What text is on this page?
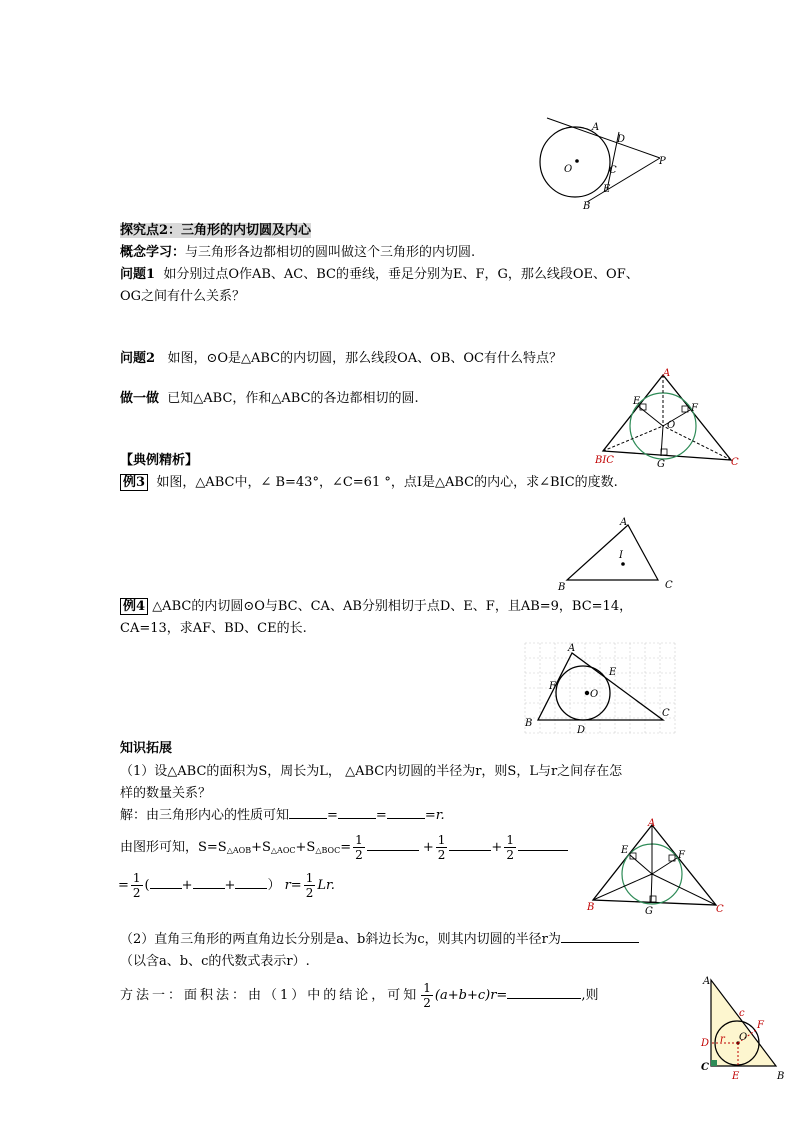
A
B
C
D
E
O
P
探究点2：三角形的内切圆及内心
概念学习：与三角形各边都相切的圆叫做这个三角形的内切圆.
问题1 如分别过点O作AB、AC、BC的垂线，垂足分别为E、F，G，那么线段OE、OF、
OG之间有什么关系？
问题2 如图，⊙O是△ABC的内切圆，那么线段OA、OB、OC有什么特点？
做一做 已知△ABC，作和△ABC的各边都相切的圆.
A
BIC	C
E
F
G
O
【典例精析】
例3 如图，△ABC中，∠ B=43°，∠C=61 °，点I是△ABC的内心，求∠BIC的度数.
A
B	C
I
例4 △ABC的内切圆⊙O与BC、CA、AB分别相切于点D、E、F，且AB=9，BC=14，
CA=13，求AF、BD、CE的长.
A
B
C
D
E
F
O
知识拓展
（1）设△ABC的面积为S，周长为L， △ABC内切圆的半径为r，则S，L与r之间存在怎
样的数量关系？
解：由三角形内心的性质可知	=	=	=r.
由图形可知，$S=S_{\triangle AOB}+S_{\triangle AOC}+S_{\triangle BOC}= \frac{1}{2}$	+ $\frac{1}{2}$	+ $\frac{1}{2}$
= $\frac{1}{2}$ ( + + ） $r= \frac{1}{2} Lr$.
A
B	C
E	F
G
（2）直角三角形的两直角边长分别是a、b斜边长为c，则其内切圆的半径r为
（以含a、b、c的代数式表示r）.
方法一：面积法：由（1）中的结论，可知 $\frac{1}{2} (a+b+c)r=$	,则
A
B
C
D
E
F
O
c
r
